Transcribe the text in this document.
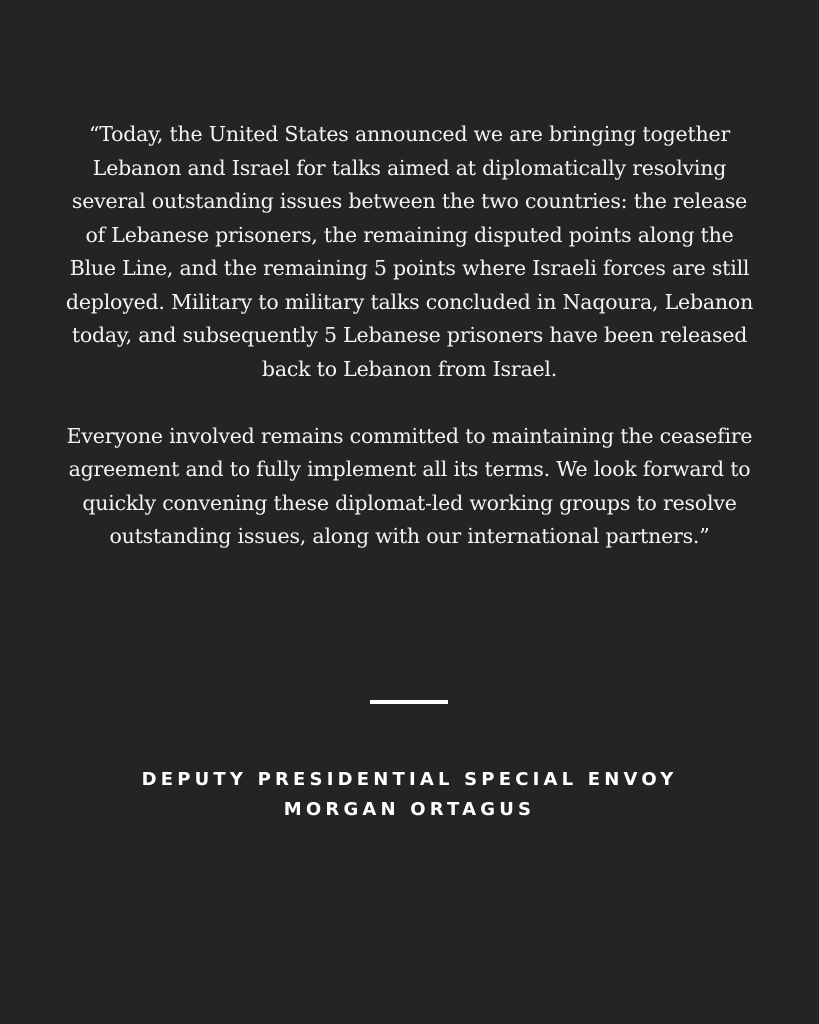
“Today, the United States announced we are bringing together
Lebanon and Israel for talks aimed at diplomatically resolving
several outstanding issues between the two countries: the release
of Lebanese prisoners, the remaining disputed points along the
Blue Line, and the remaining 5 points where Israeli forces are still
deployed. Military to military talks concluded in Naqoura, Lebanon
today, and subsequently 5 Lebanese prisoners have been released
back to Lebanon from Israel.

Everyone involved remains committed to maintaining the ceasefire
agreement and to fully implement all its terms. We look forward to
quickly convening these diplomat-led working groups to resolve
outstanding issues, along with our international partners.”

DEPUTY PRESIDENTIAL SPECIAL ENVOY
MORGAN ORTAGUS
